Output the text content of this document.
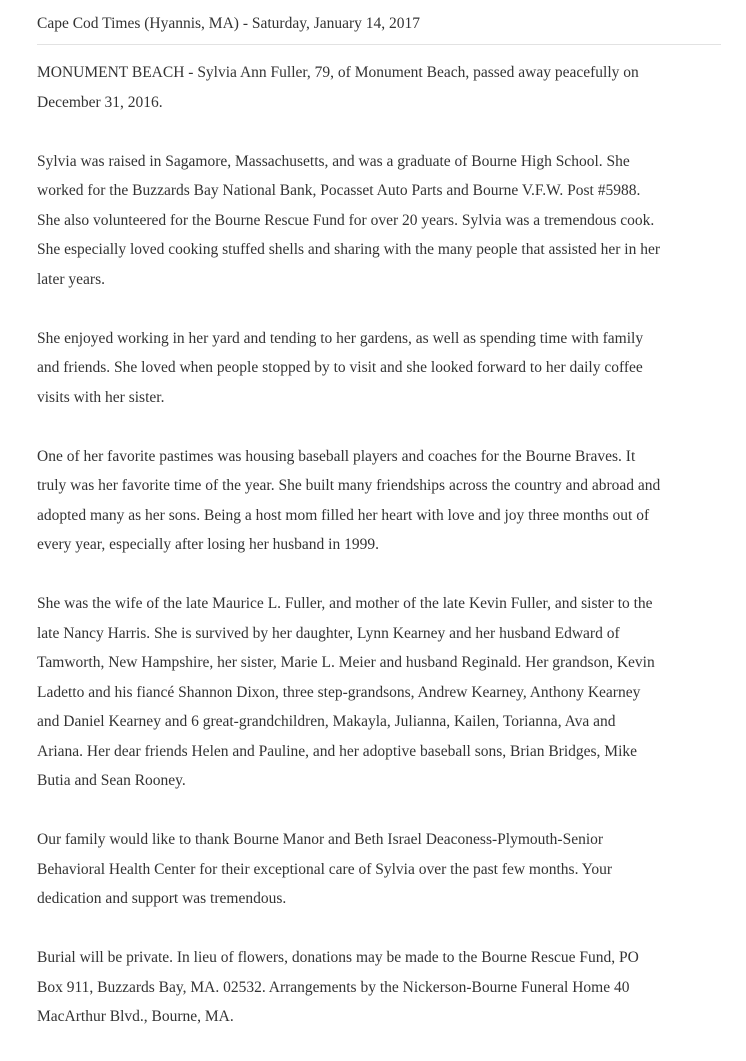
Cape Cod Times (Hyannis, MA) - Saturday, January 14, 2017

MONUMENT BEACH - Sylvia Ann Fuller, 79, of Monument Beach, passed away peacefully on
December 31, 2016.

Sylvia was raised in Sagamore, Massachusetts, and was a graduate of Bourne High School. She
worked for the Buzzards Bay National Bank, Pocasset Auto Parts and Bourne V.F.W. Post #5988.
She also volunteered for the Bourne Rescue Fund for over 20 years. Sylvia was a tremendous cook.
She especially loved cooking stuffed shells and sharing with the many people that assisted her in her
later years.

She enjoyed working in her yard and tending to her gardens, as well as spending time with family
and friends. She loved when people stopped by to visit and she looked forward to her daily coffee
visits with her sister.

One of her favorite pastimes was housing baseball players and coaches for the Bourne Braves. It
truly was her favorite time of the year. She built many friendships across the country and abroad and
adopted many as her sons. Being a host mom filled her heart with love and joy three months out of
every year, especially after losing her husband in 1999.

She was the wife of the late Maurice L. Fuller, and mother of the late Kevin Fuller, and sister to the
late Nancy Harris. She is survived by her daughter, Lynn Kearney and her husband Edward of
Tamworth, New Hampshire, her sister, Marie L. Meier and husband Reginald. Her grandson, Kevin
Ladetto and his fiancé Shannon Dixon, three step-grandsons, Andrew Kearney, Anthony Kearney
and Daniel Kearney and 6 great-grandchildren, Makayla, Julianna, Kailen, Torianna, Ava and
Ariana. Her dear friends Helen and Pauline, and her adoptive baseball sons, Brian Bridges, Mike
Butia and Sean Rooney.

Our family would like to thank Bourne Manor and Beth Israel Deaconess-Plymouth-Senior
Behavioral Health Center for their exceptional care of Sylvia over the past few months. Your
dedication and support was tremendous.

Burial will be private. In lieu of flowers, donations may be made to the Bourne Rescue Fund, PO
Box 911, Buzzards Bay, MA. 02532. Arrangements by the Nickerson-Bourne Funeral Home 40
MacArthur Blvd., Bourne, MA.
